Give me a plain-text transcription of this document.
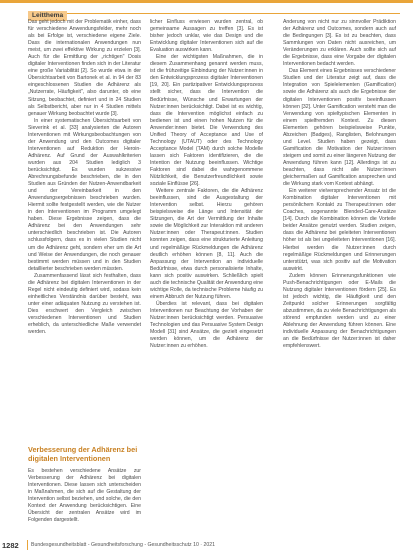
Leitthema

Das geht jedoch mit der Problematik einher, dass für verschiedene Anwendungsfelder, mehr noch als bei Erfolge ist, verschiedene eigene Ziele. Dass die internationalen Anwendungen nun meist, um zwei effektive Wirkung zu erzielen [3]. Auch für die Ermittlung der „richtigen" Dosis digitaler Interventionen finden sich in der Literatur eine große Variabilität [2]. So wurde etwa in der Übersichtsarbeit von Bartonek et al. in 94 der 83 eingeschlossenen Studien die Adhärenz als „Nutzerrate, Häufigkeit", also darunter, ob eine Sitzung, beobachtet, definiert und in 24 Studien als Selbstbericht, aber nur in 4 Studien mittels genauer Wirkung beobachtet wurde [3].

In einer systematischen Übersichtsarbeit von Sieverink et al. [33] analysierten die Autoren Interventionen mit Wirkungsbeobachtungen von der Anwendung und den Outcomes digitaler Interventionen auf Reduktion der Heroin-Adhärenz. Auf Grund der Auswahlkriterien wurden aus 204 Studien lediglich 3 berücksichtigt. Es wurden sukzessive Abrechnungsbefunde beschrieben, die in den Studien aus Gründen der Nutzen-Anwendbarkeit und der Vereinbarkeit in den Anwendungsergebnissen beschrieben wurden. Hiermit sollte festgestellt werden, wie die Nutzer in den Interventionen im Programm umgelegt haben. Diese Ergebnisse zeigen, dass die Adhärenz bei den Anwendungen sehr unterschiedlich beschrieben ist. Die Autoren schlussfolgern, dass es in vielen Studien nicht um die Adhärenz geht, sondern eher um die Art und Weise der Anwendungen, die noch genauer bestimmt werden müssen und in den Studien detaillierter beschrieben werden müssten.

Zusammenfassend lässt sich festhalten, dass die Adhärenz bei digitalen Interventionen in der Regel nicht eindeutig definiert wird, sodass kein einheitliches Verständnis darüber besteht, was unter einer adäquaten Nutzung zu verstehen ist. Dies erschwert den Vergleich zwischen verschiedenen Interventionen und Studien erheblich, da unterschiedliche Maße verwendet werden.

Verbesserung der Adhärenz bei digitalen Interventionen

Es bestehen verschiedene Ansätze zur Verbesserung der Adhärenz bei digitalen Interventionen. Diese lassen sich unterscheiden in Maßnahmen, die sich auf die Gestaltung der Intervention selbst beziehen, und solche, die den Kontext der Anwendung berücksichtigen. Eine Übersicht der zentralen Ansätze wird im Folgenden dargestellt.

licher Einfluss erwiesen wurden zentral, ob gemeinsame Aussagen zu treffen [3]. Es ist bisher jedoch unklar, wie das Design und die Entwicklung digitaler Interventionen sich auf die Evaluation auswirken kann.

Eine der wichtigsten Maßnahmen, die in diesem Zusammenhang genannt werden muss, ist die frühzeitige Einbindung der Nutzer:innen in den Entwicklungsprozess digitaler Interventionen [19, 20]. Ein partizipativer Entwicklungsprozess stellt sicher, dass die Intervention die Bedürfnisse, Wünsche und Erwartungen der Nutzer:innen berücksichtigt. Dabei ist es wichtig, dass die Intervention möglichst einfach zu bedienen ist und einen hohen Nutzen für die Anwender:innen bietet. Die Verwendung des Unified Theory of Acceptance and Use of Technology (UTAUT) oder des Technology Acceptance Model (TAM) durch solche Modelle lassen sich Faktoren identifizieren, die die Intention der Nutzung beeinflussen. Wichtige Faktoren sind dabei die wahrgenommene Nützlichkeit, die Benutzerfreundlichkeit sowie soziale Einflüsse [26].

Weitere zentrale Faktoren, die die Adhärenz beeinflussen, sind die Ausgestaltung der Intervention selbst. Hierzu gehören beispielsweise die Länge und Intensität der Sitzungen, die Art der Vermittlung der Inhalte sowie die Möglichkeit zur Interaktion mit anderen Nutzer:innen oder Therapeut:innen. Studien konnten zeigen, dass eine strukturierte Anleitung und regelmäßige Rückmeldungen die Adhärenz deutlich erhöhen können [8, 11]. Auch die Anpassung der Intervention an individuelle Bedürfnisse, etwa durch personalisierte Inhalte, kann sich positiv auswirken. Schließlich spielt auch die technische Qualität der Anwendung eine wichtige Rolle, da technische Probleme häufig zu einem Abbruch der Nutzung führen.

Überdies ist relevant, dass bei digitalen Interventionen nur Beachtung der Vorhaben der Nutzer:innen berücksichtigt werden. Persuasive Technologien und das Persuasive System Design Modell [31] sind Ansätze, die gezielt eingesetzt werden können, um die Adhärenz der Nutzer:innen zu erhöhen.

Änderung von nicht nur zu sinnvoller Prädiktion der Adhärenz und Outcomes, sondern auch auf die Bedingungen [3]. Es ist zu beachten, dass Sammlungen von Daten nicht ausreichen, um Veränderungen zu erklären. Auch sollte sich auf die Ergebnisse, dass eine Vorgabe der digitalen Interventionen bedacht werden.

Das Element eines Ergebnisses verschiedener Studien und der Literatur zeigt auf, dass die Integration von Spielelementen (Gamification) sowie die Adhärenz als auch die Ergebnisse der digitalen Interventionen positiv beeinflussen können [32]. Unter Gamification versteht man die Verwendung von spieltypischen Elementen in einem spielfremden Kontext. Zu diesen Elementen gehören beispielsweise Punkte, Abzeichen (Badges), Ranglisten, Belohnungen und Level. Studien haben gezeigt, dass Gamification die Motivation der Nutzer:innen steigern und somit zu einer längeren Nutzung der Anwendung führen kann [12]. Allerdings ist zu beachten, dass nicht alle Nutzer:innen gleichermaßen auf Gamification ansprechen und die Wirkung stark vom Kontext abhängt.

Ein weiterer vielversprechender Ansatz ist die Kombination digitaler Interventionen mit persönlichem Kontakt zu Therapeut:innen oder Coaches, sogenannte Blended-Care-Ansätze [14]. Durch die Kombination können die Vorteile beider Ansätze genutzt werden. Studien zeigen, dass die Adhärenz bei geleiteten Interventionen höher ist als bei ungeleiteten Interventionen [16]. Hierbei werden die Nutzer:innen durch regelmäßige Rückmeldungen und Erinnerungen unterstützt, was sich positiv auf die Motivation auswirkt.

Zudem können Erinnerungsfunktionen wie Push-Benachrichtigungen oder E-Mails die Nutzung digitaler Interventionen fördern [25]. Es ist jedoch wichtig, die Häufigkeit und den Zeitpunkt solcher Erinnerungen sorgfältig abzustimmen, da zu viele Benachrichtigungen als störend empfunden werden und zu einer Ablehnung der Anwendung führen können. Eine individuelle Anpassung der Benachrichtigungen an die Bedürfnisse der Nutzer:innen ist daher empfehlenswert.

1282 Bundesgesundheitsblatt - Gesundheitsforschung - Gesundheitsschutz 10 · 2021
